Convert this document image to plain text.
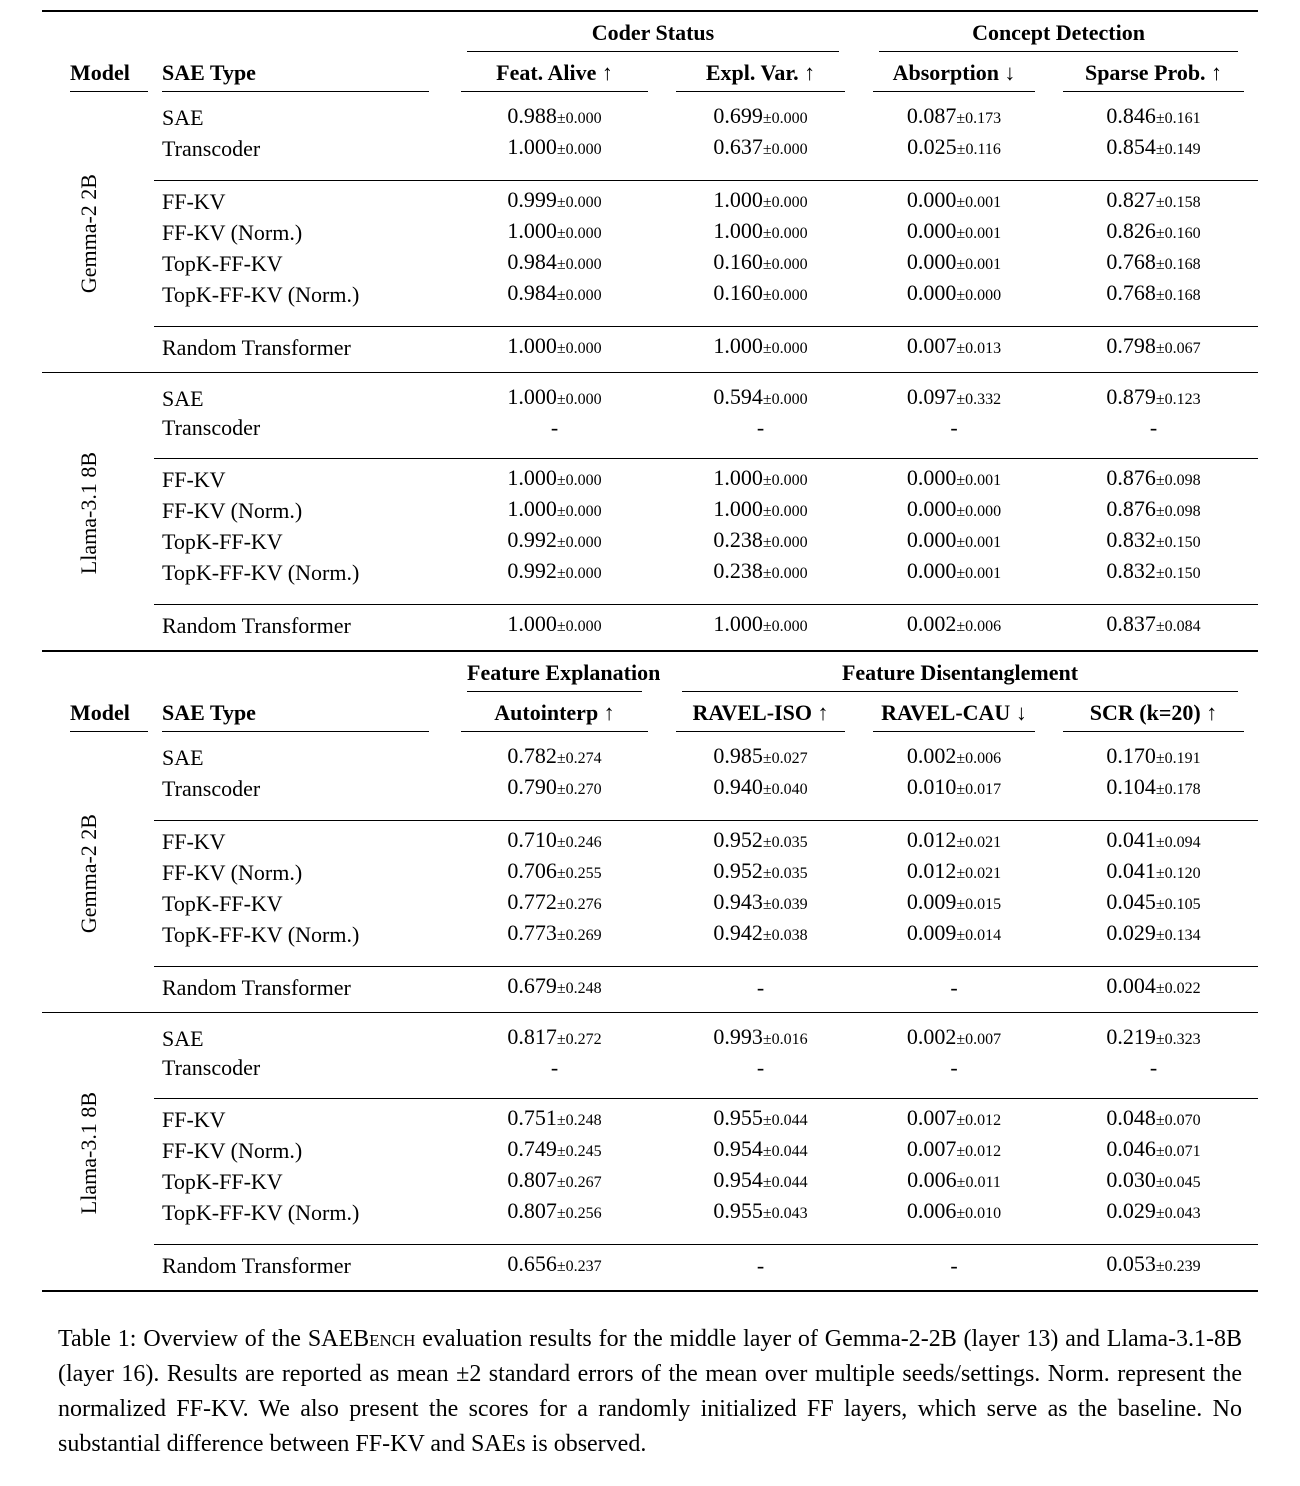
		Coder Status		Concept Detection	

Model	SAE Type	Feat. Alive ↑	Expl. Var. ↑	Absorption ↓	Sparse Prob. ↑

Gemma-2 2B	SAE	0.988±0.000	0.699±0.000	0.087±0.173	0.846±0.161
	Transcoder	1.000±0.000	0.637±0.000	0.025±0.116	0.854±0.149

	FF-KV	0.999±0.000	1.000±0.000	0.000±0.001	0.827±0.158
	FF-KV (Norm.)	1.000±0.000	1.000±0.000	0.000±0.001	0.826±0.160
	TopK-FF-KV	0.984±0.000	0.160±0.000	0.000±0.001	0.768±0.168
	TopK-FF-KV (Norm.)	0.984±0.000	0.160±0.000	0.000±0.000	0.768±0.168

	Random Transformer	1.000±0.000	1.000±0.000	0.007±0.013	0.798±0.067
Llama-3.1 8B	SAE	1.000±0.000	0.594±0.000	0.097±0.332	0.879±0.123
	Transcoder	-	-	-	-

	FF-KV	1.000±0.000	1.000±0.000	0.000±0.001	0.876±0.098
	FF-KV (Norm.)	1.000±0.000	1.000±0.000	0.000±0.000	0.876±0.098
	TopK-FF-KV	0.992±0.000	0.238±0.000	0.000±0.001	0.832±0.150
	TopK-FF-KV (Norm.)	0.992±0.000	0.238±0.000	0.000±0.001	0.832±0.150

	Random Transformer	1.000±0.000	1.000±0.000	0.002±0.006	0.837±0.084

		Feature Explanation	Feature Disentanglement		

Model	SAE Type	Autointerp ↑	RAVEL-ISO ↑	RAVEL-CAU ↓	SCR (k=20) ↑

Gemma-2 2B	SAE	0.782±0.274	0.985±0.027	0.002±0.006	0.170±0.191
	Transcoder	0.790±0.270	0.940±0.040	0.010±0.017	0.104±0.178

	FF-KV	0.710±0.246	0.952±0.035	0.012±0.021	0.041±0.094
	FF-KV (Norm.)	0.706±0.255	0.952±0.035	0.012±0.021	0.041±0.120
	TopK-FF-KV	0.772±0.276	0.943±0.039	0.009±0.015	0.045±0.105
	TopK-FF-KV (Norm.)	0.773±0.269	0.942±0.038	0.009±0.014	0.029±0.134

	Random Transformer	0.679±0.248	-	-	0.004±0.022
Llama-3.1 8B	SAE	0.817±0.272	0.993±0.016	0.002±0.007	0.219±0.323
	Transcoder	-	-	-	-

	FF-KV	0.751±0.248	0.955±0.044	0.007±0.012	0.048±0.070
	FF-KV (Norm.)	0.749±0.245	0.954±0.044	0.007±0.012	0.046±0.071
	TopK-FF-KV	0.807±0.267	0.954±0.044	0.006±0.011	0.030±0.045
	TopK-FF-KV (Norm.)	0.807±0.256	0.955±0.043	0.006±0.010	0.029±0.043

	Random Transformer	0.656±0.237	-	-	0.053±0.239

Table 1: Overview of the SAEBench evaluation results for the middle layer of Gemma-2-2B (layer 13) and Llama-3.1-8B (layer 16). Results are reported as mean ±2 standard errors of the mean over multiple seeds/settings. Norm. represent the normalized FF-KV. We also present the scores for a randomly initialized FF layers, which serve as the baseline. No substantial difference between FF-KV and SAEs is observed.
